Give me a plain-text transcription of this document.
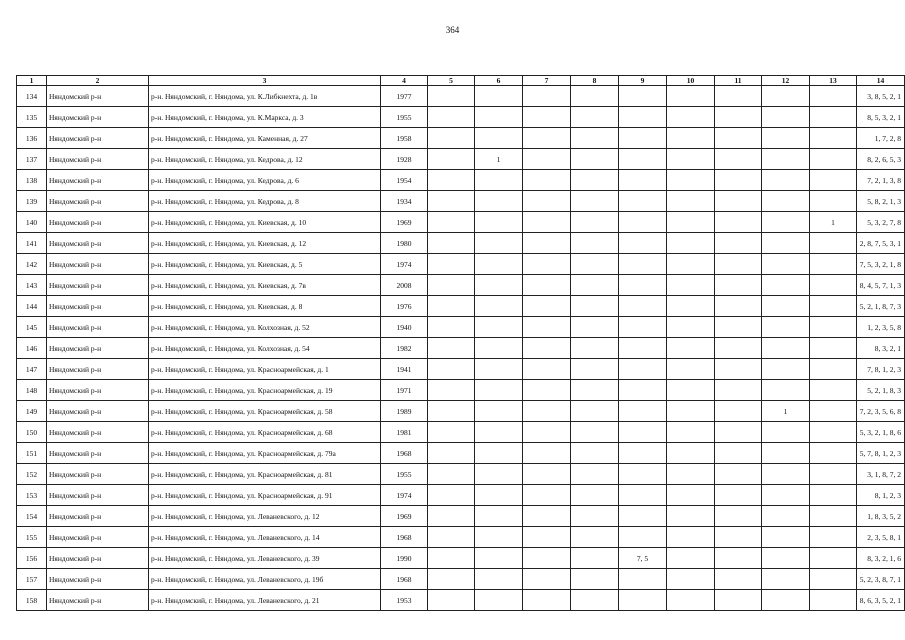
364
1	2	3	4	5	6	7	8	9	10	11	12	13	14
134	Няндомский р-н	р-н. Няндомский, г. Няндома, ул. К.Либкнехта, д. 1в	1977										3, 8, 5, 2, 1
135	Няндомский р-н	р-н. Няндомский, г. Няндома, ул. К.Маркса, д. 3	1955										8, 5, 3, 2, 1
136	Няндомский р-н	р-н. Няндомский, г. Няндома, ул. Каменная, д. 27	1958										1, 7, 2, 8
137	Няндомский р-н	р-н. Няндомский, г. Няндома, ул. Кедрова, д. 12	1928		1								8, 2, 6, 5, 3
138	Няндомский р-н	р-н. Няндомский, г. Няндома, ул. Кедрова, д. 6	1954										7, 2, 1, 3, 8
139	Няндомский р-н	р-н. Няндомский, г. Няндома, ул. Кедрова, д. 8	1934										5, 8, 2, 1, 3
140	Няндомский р-н	р-н. Няндомский, г. Няндома, ул. Киевская, д. 10	1969									1	5, 3, 2, 7, 8
141	Няндомский р-н	р-н. Няндомский, г. Няндома, ул. Киевская, д. 12	1980										2, 8, 7, 5, 3, 1
142	Няндомский р-н	р-н. Няндомский, г. Няндома, ул. Киевская, д. 5	1974										7, 5, 3, 2, 1, 8
143	Няндомский р-н	р-н. Няндомский, г. Няндома, ул. Киевская, д. 7в	2008										8, 4, 5, 7, 1, 3
144	Няндомский р-н	р-н. Няндомский, г. Няндома, ул. Киевская, д. 8	1976										5, 2, 1, 8, 7, 3
145	Няндомский р-н	р-н. Няндомский, г. Няндома, ул. Колхозная, д. 52	1940										1, 2, 3, 5, 8
146	Няндомский р-н	р-н. Няндомский, г. Няндома, ул. Колхозная, д. 54	1982										8, 3, 2, 1
147	Няндомский р-н	р-н. Няндомский, г. Няндома, ул. Красноармейская, д. 1	1941										7, 8, 1, 2, 3
148	Няндомский р-н	р-н. Няндомский, г. Няндома, ул. Красноармейская, д. 19	1971										5, 2, 1, 8, 3
149	Няндомский р-н	р-н. Няндомский, г. Няндома, ул. Красноармейская, д. 58	1989								1		7, 2, 3, 5, 6, 8
150	Няндомский р-н	р-н. Няндомский, г. Няндома, ул. Красноармейская, д. 68	1981										5, 3, 2, 1, 8, 6
151	Няндомский р-н	р-н. Няндомский, г. Няндома, ул. Красноармейская, д. 79а	1968										5, 7, 8, 1, 2, 3
152	Няндомский р-н	р-н. Няндомский, г. Няндома, ул. Красноармейская, д. 81	1955										3, 1, 8, 7, 2
153	Няндомский р-н	р-н. Няндомский, г. Няндома, ул. Красноармейская, д. 91	1974										8, 1, 2, 3
154	Няндомский р-н	р-н. Няндомский, г. Няндома, ул. Леваневского, д. 12	1969										1, 8, 3, 5, 2
155	Няндомский р-н	р-н. Няндомский, г. Няндома, ул. Леваневского, д. 14	1968										2, 3, 5, 8, 1
156	Няндомский р-н	р-н. Няндомский, г. Няндома, ул. Леваневского, д. 39	1990					7, 5					8, 3, 2, 1, 6
157	Няндомский р-н	р-н. Няндомский, г. Няндома, ул. Леваневского, д. 19б	1968										5, 2, 3, 8, 7, 1
158	Няндомский р-н	р-н. Няндомский, г. Няндома, ул. Леваневского, д. 21	1953										8, 6, 3, 5, 2, 1
